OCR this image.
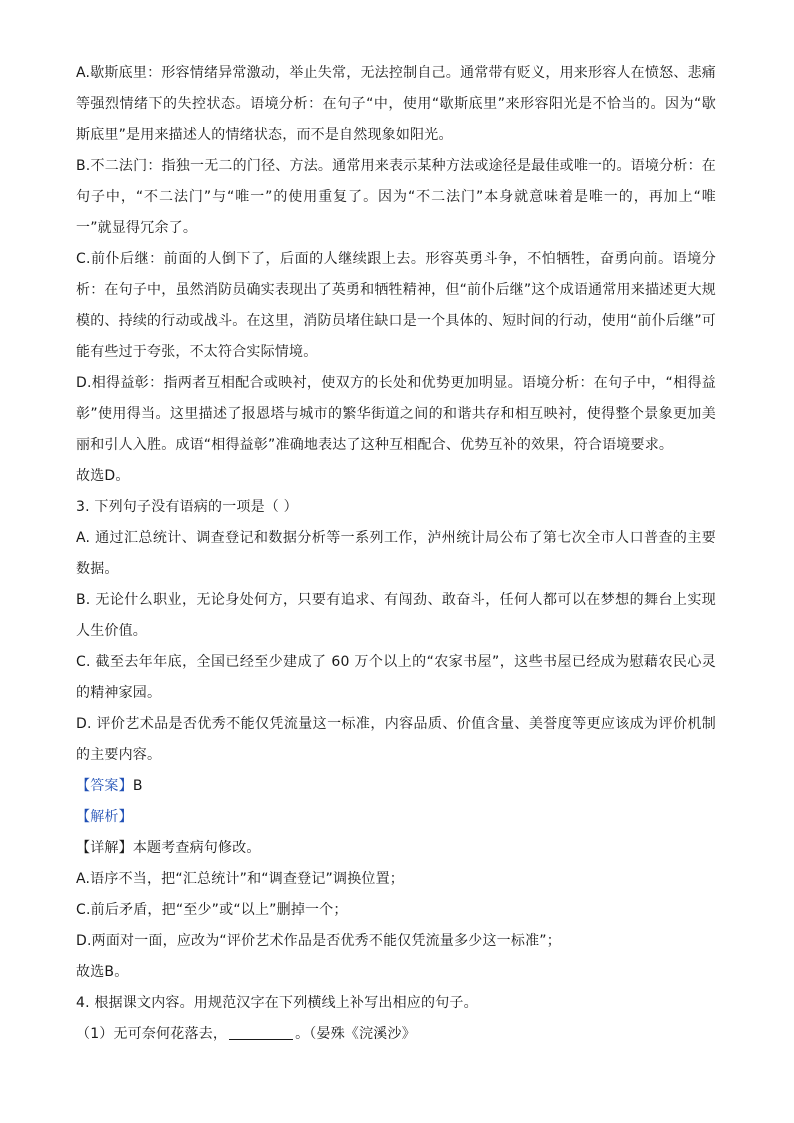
A.歇斯底里：形容情绪异常激动，举止失常，无法控制自己。通常带有贬义，用来形容人在愤怒、悲痛等强烈情绪下的失控状态。语境分析：在句子“中，使用“歇斯底里”来形容阳光是不恰当的。因为“歇斯底里”是用来描述人的情绪状态，而不是自然现象如阳光。

B.不二法门：指独一无二的门径、方法。通常用来表示某种方法或途径是最佳或唯一的。语境分析：在句子中，“不二法门”与“唯一”的使用重复了。因为“不二法门”本身就意味着是唯一的，再加上“唯一”就显得冗余了。

C.前仆后继：前面的人倒下了，后面的人继续跟上去。形容英勇斗争，不怕牺牲，奋勇向前。语境分析：在句子中，虽然消防员确实表现出了英勇和牺牲精神，但“前仆后继”这个成语通常用来描述更大规模的、持续的行动或战斗。在这里，消防员堵住缺口是一个具体的、短时间的行动，使用“前仆后继”可能有些过于夸张，不太符合实际情境。

D.相得益彰：指两者互相配合或映衬，使双方的长处和优势更加明显。语境分析：在句子中，“相得益彰”使用得当。这里描述了报恩塔与城市的繁华街道之间的和谐共存和相互映衬，使得整个景象更加美丽和引人入胜。成语“相得益彰”准确地表达了这种互相配合、优势互补的效果，符合语境要求。

故选D。

3. 下列句子没有语病的一项是（ ）

A. 通过汇总统计、调查登记和数据分析等一系列工作，泸州统计局公布了第七次全市人口普查的主要数据。

B. 无论什么职业，无论身处何方，只要有追求、有闯劲、敢奋斗，任何人都可以在梦想的舞台上实现人生价值。

C. 截至去年年底，全国已经至少建成了 60 万个以上的“农家书屋”，这些书屋已经成为慰藉农民心灵的精神家园。

D. 评价艺术品是否优秀不能仅凭流量这一标准，内容品质、价值含量、美誉度等更应该成为评价机制的主要内容。

【答案】B

【解析】

【详解】本题考查病句修改。

A.语序不当，把“汇总统计”和“调查登记”调换位置；

C.前后矛盾，把“至少”或“以上”删掉一个；

D.两面对一面，应改为“评价艺术作品是否优秀不能仅凭流量多少这一标准”；

故选B。

4. 根据课文内容。用规范汉字在下列横线上补写出相应的句子。

（1）无可奈何花落去，	。（晏殊《浣溪沙》
